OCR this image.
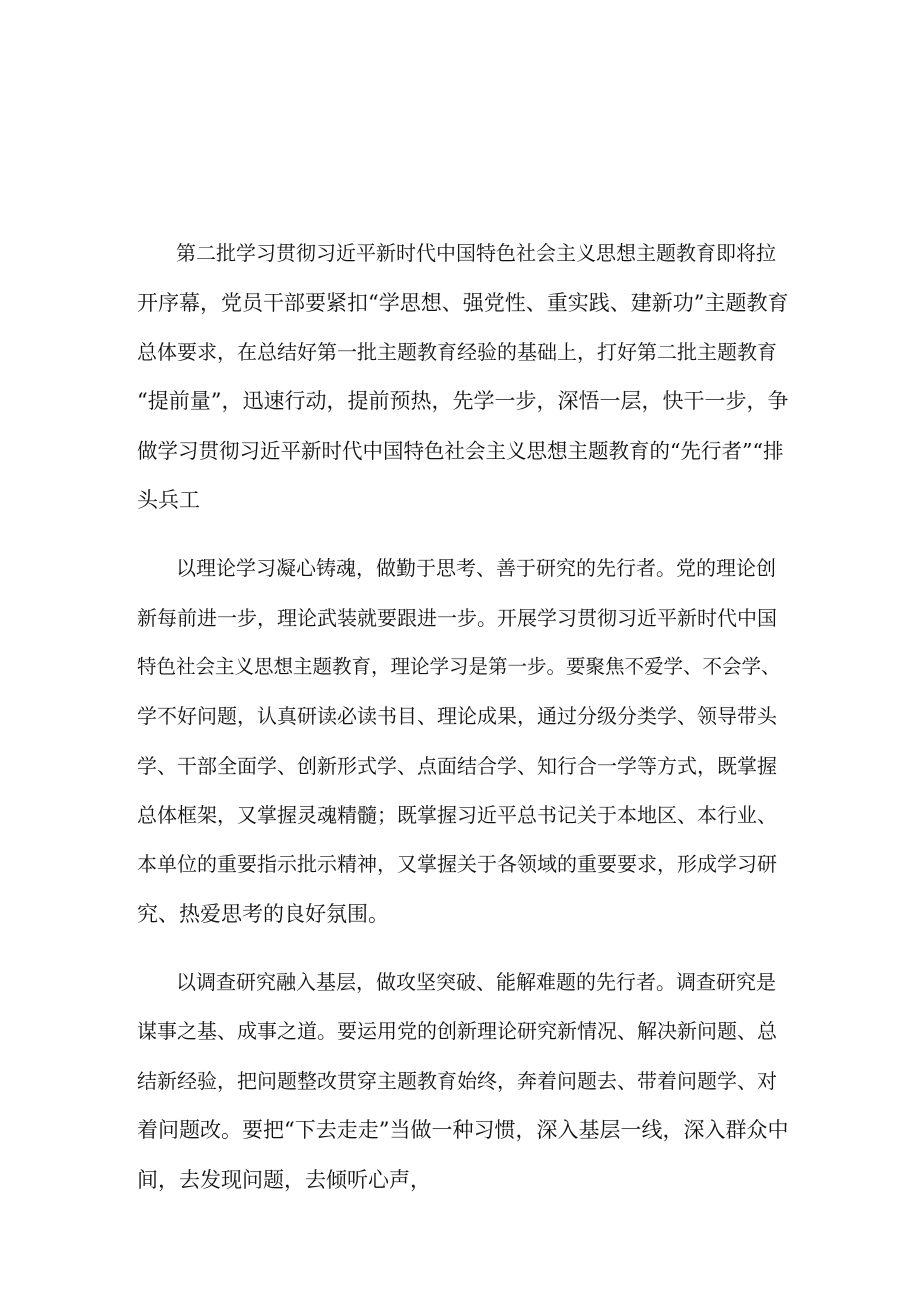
第二批学习贯彻习近平新时代中国特色社会主义思想主题教育即将拉
开序幕，党员干部要紧扣“学思想、强党性、重实践、建新功”主题教育
总体要求，在总结好第一批主题教育经验的基础上，打好第二批主题教育
“提前量”，迅速行动，提前预热，先学一步，深悟一层，快干一步，争
做学习贯彻习近平新时代中国特色社会主义思想主题教育的“先行者”“排
头兵工
以理论学习凝心铸魂，做勤于思考、善于研究的先行者。党的理论创
新每前进一步，理论武装就要跟进一步。开展学习贯彻习近平新时代中国
特色社会主义思想主题教育，理论学习是第一步。要聚焦不爱学、不会学、
学不好问题，认真研读必读书目、理论成果，通过分级分类学、领导带头
学、干部全面学、创新形式学、点面结合学、知行合一学等方式，既掌握
总体框架，又掌握灵魂精髓；既掌握习近平总书记关于本地区、本行业、
本单位的重要指示批示精神，又掌握关于各领域的重要要求，形成学习研
究、热爱思考的良好氛围。
以调查研究融入基层，做攻坚突破、能解难题的先行者。调查研究是
谋事之基、成事之道。要运用党的创新理论研究新情况、解决新问题、总
结新经验，把问题整改贯穿主题教育始终，奔着问题去、带着问题学、对
着问题改。要把“下去走走”当做一种习惯，深入基层一线，深入群众中
间，去发现问题，去倾听心声，
